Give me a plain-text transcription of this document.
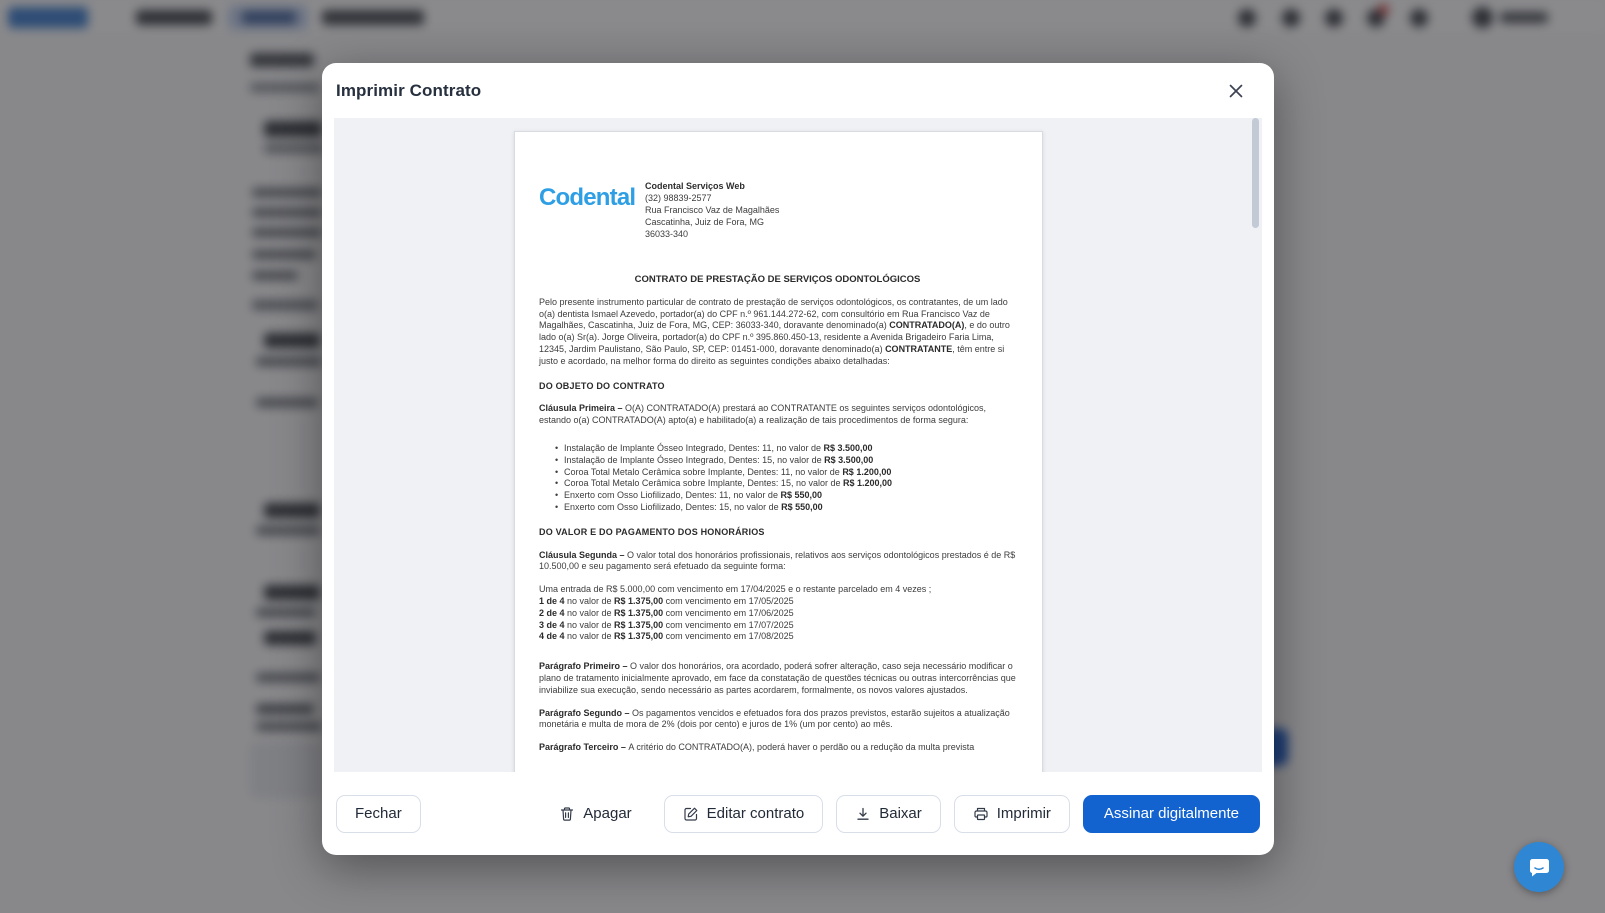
Imprimir Contrato
Codental	Codental Serviços Web
(32) 98839-2577
Rua Francisco Vaz de Magalhães
Cascatinha, Juiz de Fora, MG
36033-340
CONTRATO DE PRESTAÇÃO DE SERVIÇOS ODONTOLÓGICOS

Pelo presente instrumento particular de contrato de prestação de serviços odontológicos, os contratantes, de um lado o(a) dentista Ismael Azevedo, portador(a) do CPF n.º 961.144.272-62, com consultório em Rua Francisco Vaz de Magalhães, Cascatinha, Juiz de Fora, MG, CEP: 36033-340, doravante denominado(a) CONTRATADO(A), e do outro lado o(a) Sr(a). Jorge Oliveira, portador(a) do CPF n.º 395.860.450-13, residente a Avenida Brigadeiro Faria Lima, 12345, Jardim Paulistano, São Paulo, SP, CEP: 01451-000, doravante denominado(a) CONTRATANTE, têm entre si justo e acordado, na melhor forma do direito as seguintes condições abaixo detalhadas:

DO OBJETO DO CONTRATO

Cláusula Primeira – O(A) CONTRATADO(A) prestará ao CONTRATANTE os seguintes serviços odontológicos, estando o(a) CONTRATADO(A) apto(a) e habilitado(a) a realização de tais procedimentos de forma segura:

• Instalação de Implante Ósseo Integrado, Dentes: 11, no valor de R$ 3.500,00
• Instalação de Implante Ósseo Integrado, Dentes: 15, no valor de R$ 3.500,00
• Coroa Total Metalo Cerâmica sobre Implante, Dentes: 11, no valor de R$ 1.200,00
• Coroa Total Metalo Cerâmica sobre Implante, Dentes: 15, no valor de R$ 1.200,00
• Enxerto com Osso Liofilizado, Dentes: 11, no valor de R$ 550,00
• Enxerto com Osso Liofilizado, Dentes: 15, no valor de R$ 550,00
DO VALOR E DO PAGAMENTO DOS HONORÁRIOS

Cláusula Segunda – O valor total dos honorários profissionais, relativos aos serviços odontológicos prestados é de R$ 10.500,00 e seu pagamento será efetuado da seguinte forma:

Uma entrada de R$ 5.000,00 com vencimento em 17/04/2025 e o restante parcelado em 4 vezes ;
1 de 4 no valor de R$ 1.375,00 com vencimento em 17/05/2025
2 de 4 no valor de R$ 1.375,00 com vencimento em 17/06/2025
3 de 4 no valor de R$ 1.375,00 com vencimento em 17/07/2025
4 de 4 no valor de R$ 1.375,00 com vencimento em 17/08/2025

Parágrafo Primeiro – O valor dos honorários, ora acordado, poderá sofrer alteração, caso seja necessário modificar o plano de tratamento inicialmente aprovado, em face da constatação de questões técnicas ou outras intercorrências que inviabilize sua execução, sendo necessário as partes acordarem, formalmente, os novos valores ajustados.

Parágrafo Segundo – Os pagamentos vencidos e efetuados fora dos prazos previstos, estarão sujeitos a atualização monetária e multa de mora de 2% (dois por cento) e juros de 1% (um por cento) ao mês.

Parágrafo Terceiro – A critério do CONTRATADO(A), poderá haver o perdão ou a redução da multa prevista

Fechar	Apagar	Editar contrato	Baixar	Imprimir	Assinar digitalmente
